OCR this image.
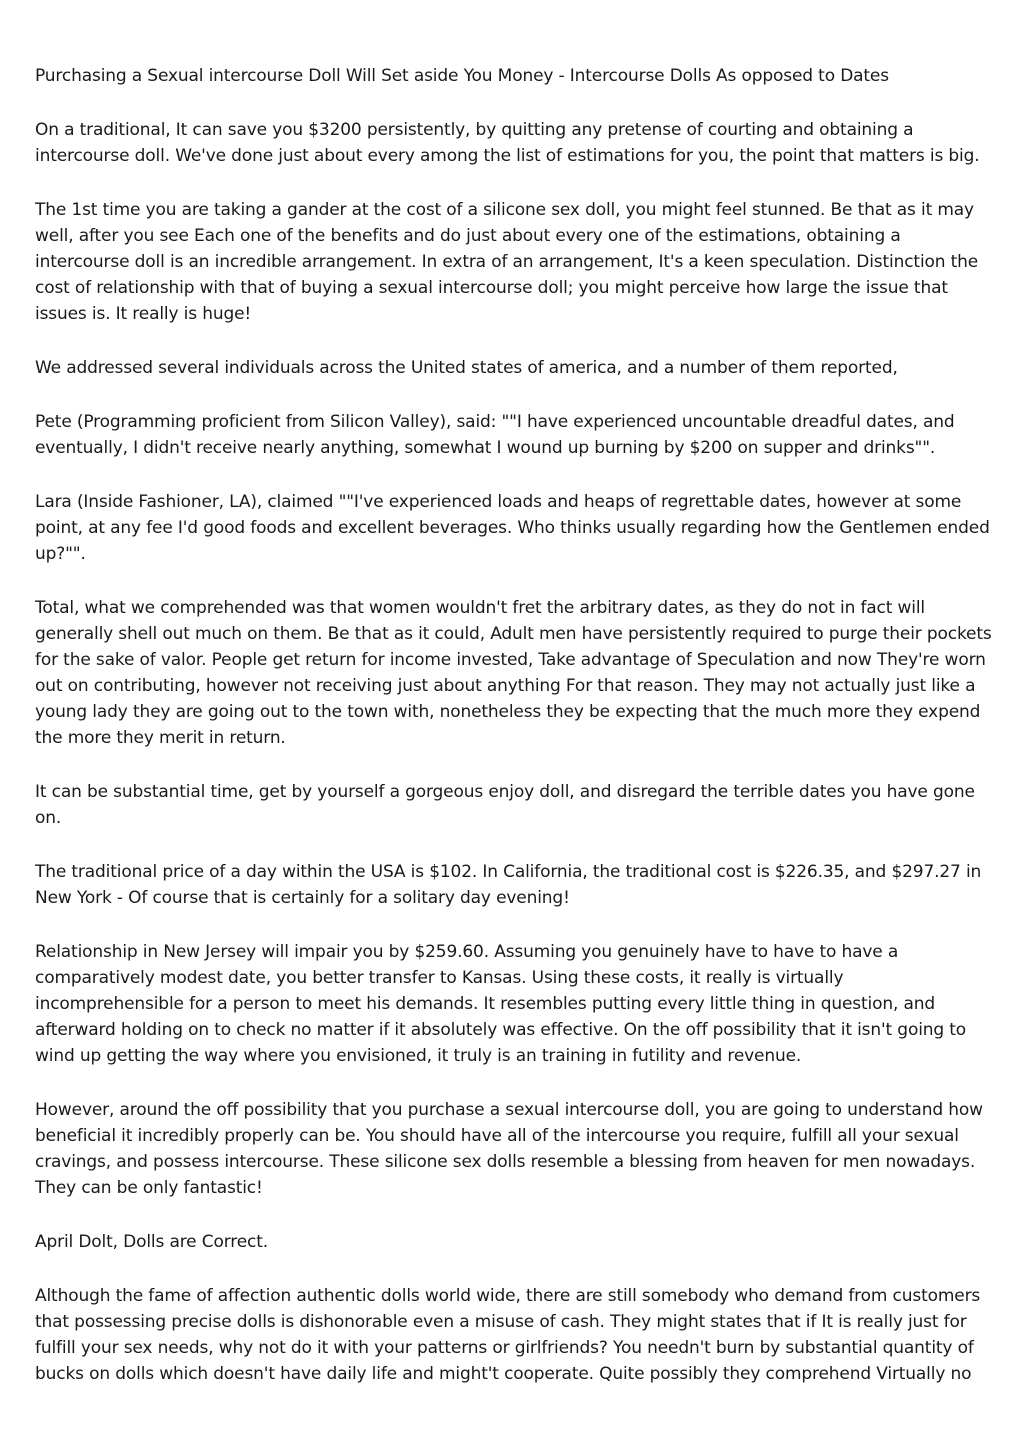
Purchasing a Sexual intercourse Doll Will Set aside You Money - Intercourse Dolls As opposed to Dates

On a traditional, It can save you $3200 persistently, by quitting any pretense of courting and obtaining a intercourse doll. We've done just about every among the list of estimations for you, the point that matters is big.

The 1st time you are taking a gander at the cost of a silicone sex doll, you might feel stunned. Be that as it may well, after you see Each one of the benefits and do just about every one of the estimations, obtaining a intercourse doll is an incredible arrangement. In extra of an arrangement, It's a keen speculation. Distinction the cost of relationship with that of buying a sexual intercourse doll; you might perceive how large the issue that issues is. It really is huge!

We addressed several individuals across the United states of america, and a number of them reported,

Pete (Programming proficient from Silicon Valley), said: ""I have experienced uncountable dreadful dates, and eventually, I didn't receive nearly anything, somewhat I wound up burning by $200 on supper and drinks"".

Lara (Inside Fashioner, LA), claimed ""I've experienced loads and heaps of regrettable dates, however at some point, at any fee I'd good foods and excellent beverages. Who thinks usually regarding how the Gentlemen ended up?"".

Total, what we comprehended was that women wouldn't fret the arbitrary dates, as they do not in fact will generally shell out much on them. Be that as it could, Adult men have persistently required to purge their pockets for the sake of valor. People get return for income invested, Take advantage of Speculation and now They're worn out on contributing, however not receiving just about anything For that reason. They may not actually just like a young lady they are going out to the town with, nonetheless they be expecting that the much more they expend the more they merit in return.

It can be substantial time, get by yourself a gorgeous enjoy doll, and disregard the terrible dates you have gone on.

The traditional price of a day within the USA is $102. In California, the traditional cost is $226.35, and $297.27 in New York - Of course that is certainly for a solitary day evening!

Relationship in New Jersey will impair you by $259.60. Assuming you genuinely have to have to have a comparatively modest date, you better transfer to Kansas. Using these costs, it really is virtually incomprehensible for a person to meet his demands. It resembles putting every little thing in question, and afterward holding on to check no matter if it absolutely was effective. On the off possibility that it isn't going to wind up getting the way where you envisioned, it truly is an training in futility and revenue.

However, around the off possibility that you purchase a sexual intercourse doll, you are going to understand how beneficial it incredibly properly can be. You should have all of the intercourse you require, fulfill all your sexual cravings, and possess intercourse. These silicone sex dolls resemble a blessing from heaven for men nowadays. They can be only fantastic!

April Dolt, Dolls are Correct.

Although the fame of affection authentic dolls world wide, there are still somebody who demand from customers that possessing precise dolls is dishonorable even a misuse of cash. They might states that if It is really just for fulfill your sex needs, why not do it with your patterns or girlfriends? You needn't burn by substantial quantity of bucks on dolls which doesn't have daily life and might't cooperate. Quite possibly they comprehend Virtually no
